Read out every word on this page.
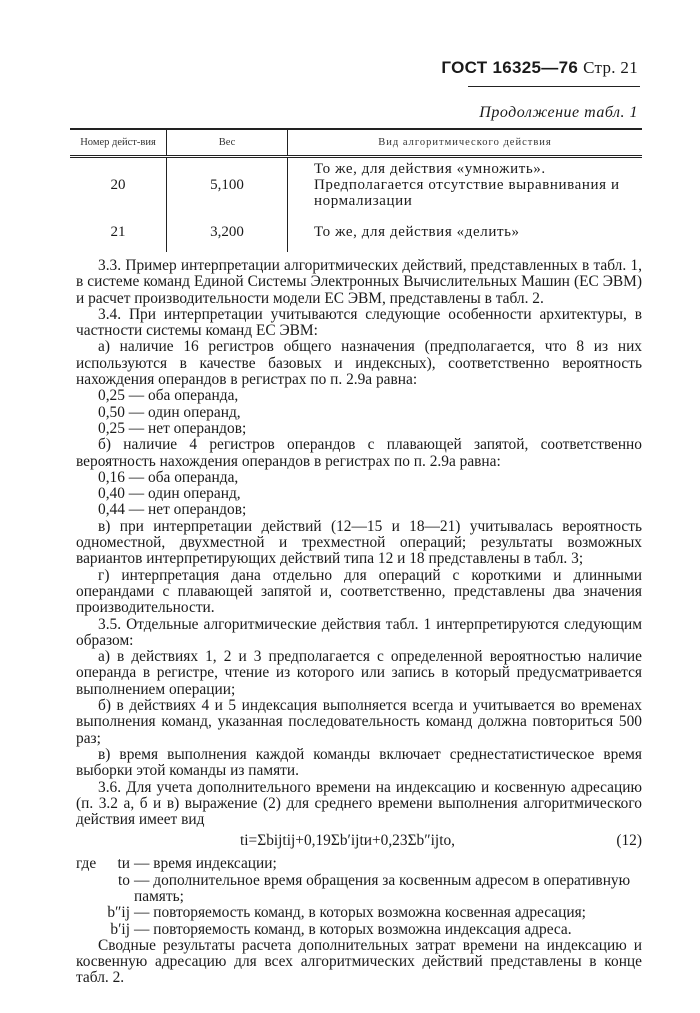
ГОСТ 16325—76 Стр. 21
Продолжение табл. 1
Номер дейст-вия	Вес	Вид алгоритмического действия
20	5,100	То же, для действия «умножить». Предполагается отсутствие выравнивания и нормализации
21	3,200	То же, для действия «делить»

3.3. Пример интерпретации алгоритмических действий, представленных в табл. 1, в системе команд Единой Системы Электронных Вычислительных Машин (ЕС ЭВМ) и расчет производительности модели ЕС ЭВМ, представлены в табл. 2.

3.4. При интерпретации учитываются следующие особенности архитектуры, в частности системы команд ЕС ЭВМ:

а) наличие 16 регистров общего назначения (предполагается, что 8 из них используются в качестве базовых и индексных), соответственно вероятность нахождения операндов в регистрах по п. 2.9а равна:

0,25 — оба операнда,

0,50 — один операнд,

0,25 — нет операндов;

б) наличие 4 регистров операндов с плавающей запятой, соответственно вероятность нахождения операндов в регистрах по п. 2.9а равна:

0,16 — оба операнда,

0,40 — один операнд,

0,44 — нет операндов;

в) при интерпретации действий (12—15 и 18—21) учитывалась вероятность одноместной, двухместной и трехместной операций; результаты возможных вариантов интерпретирующих действий типа 12 и 18 представлены в табл. 3;

г) интерпретация дана отдельно для операций с короткими и длинными операндами с плавающей запятой и, соответственно, представлены два значения производительности.

3.5. Отдельные алгоритмические действия табл. 1 интерпретируются следующим образом:

а) в действиях 1, 2 и 3 предполагается с определенной вероятностью наличие операнда в регистре, чтение из которого или запись в который предусматривается выполнением операции;

б) в действиях 4 и 5 индексация выполняется всегда и учитывается во временах выполнения команд, указанная последовательность команд должна повториться 500 раз;

в) время выполнения каждой команды включает среднестатистическое время выборки этой команды из памяти.

3.6. Для учета дополнительного времени на индексацию и косвенную адресацию (п. 3.2 а, б и в) выражение (2) для среднего времени выполнения алгоритмического действия имеет вид

ti=Σbijtij+0,19Σb′ijtи+0,23Σb″ijto,	(12)
где tи — время индексации;
to — дополнительное время обращения за косвенным адресом в оперативную память;
b″ij — повторяемость команд, в которых возможна косвенная адресация;
b′ij — повторяемость команд, в которых возможна индексация адреса.

Сводные результаты расчета дополнительных затрат времени на индексацию и косвенную адресацию для всех алгоритмических действий представлены в конце табл. 2.
